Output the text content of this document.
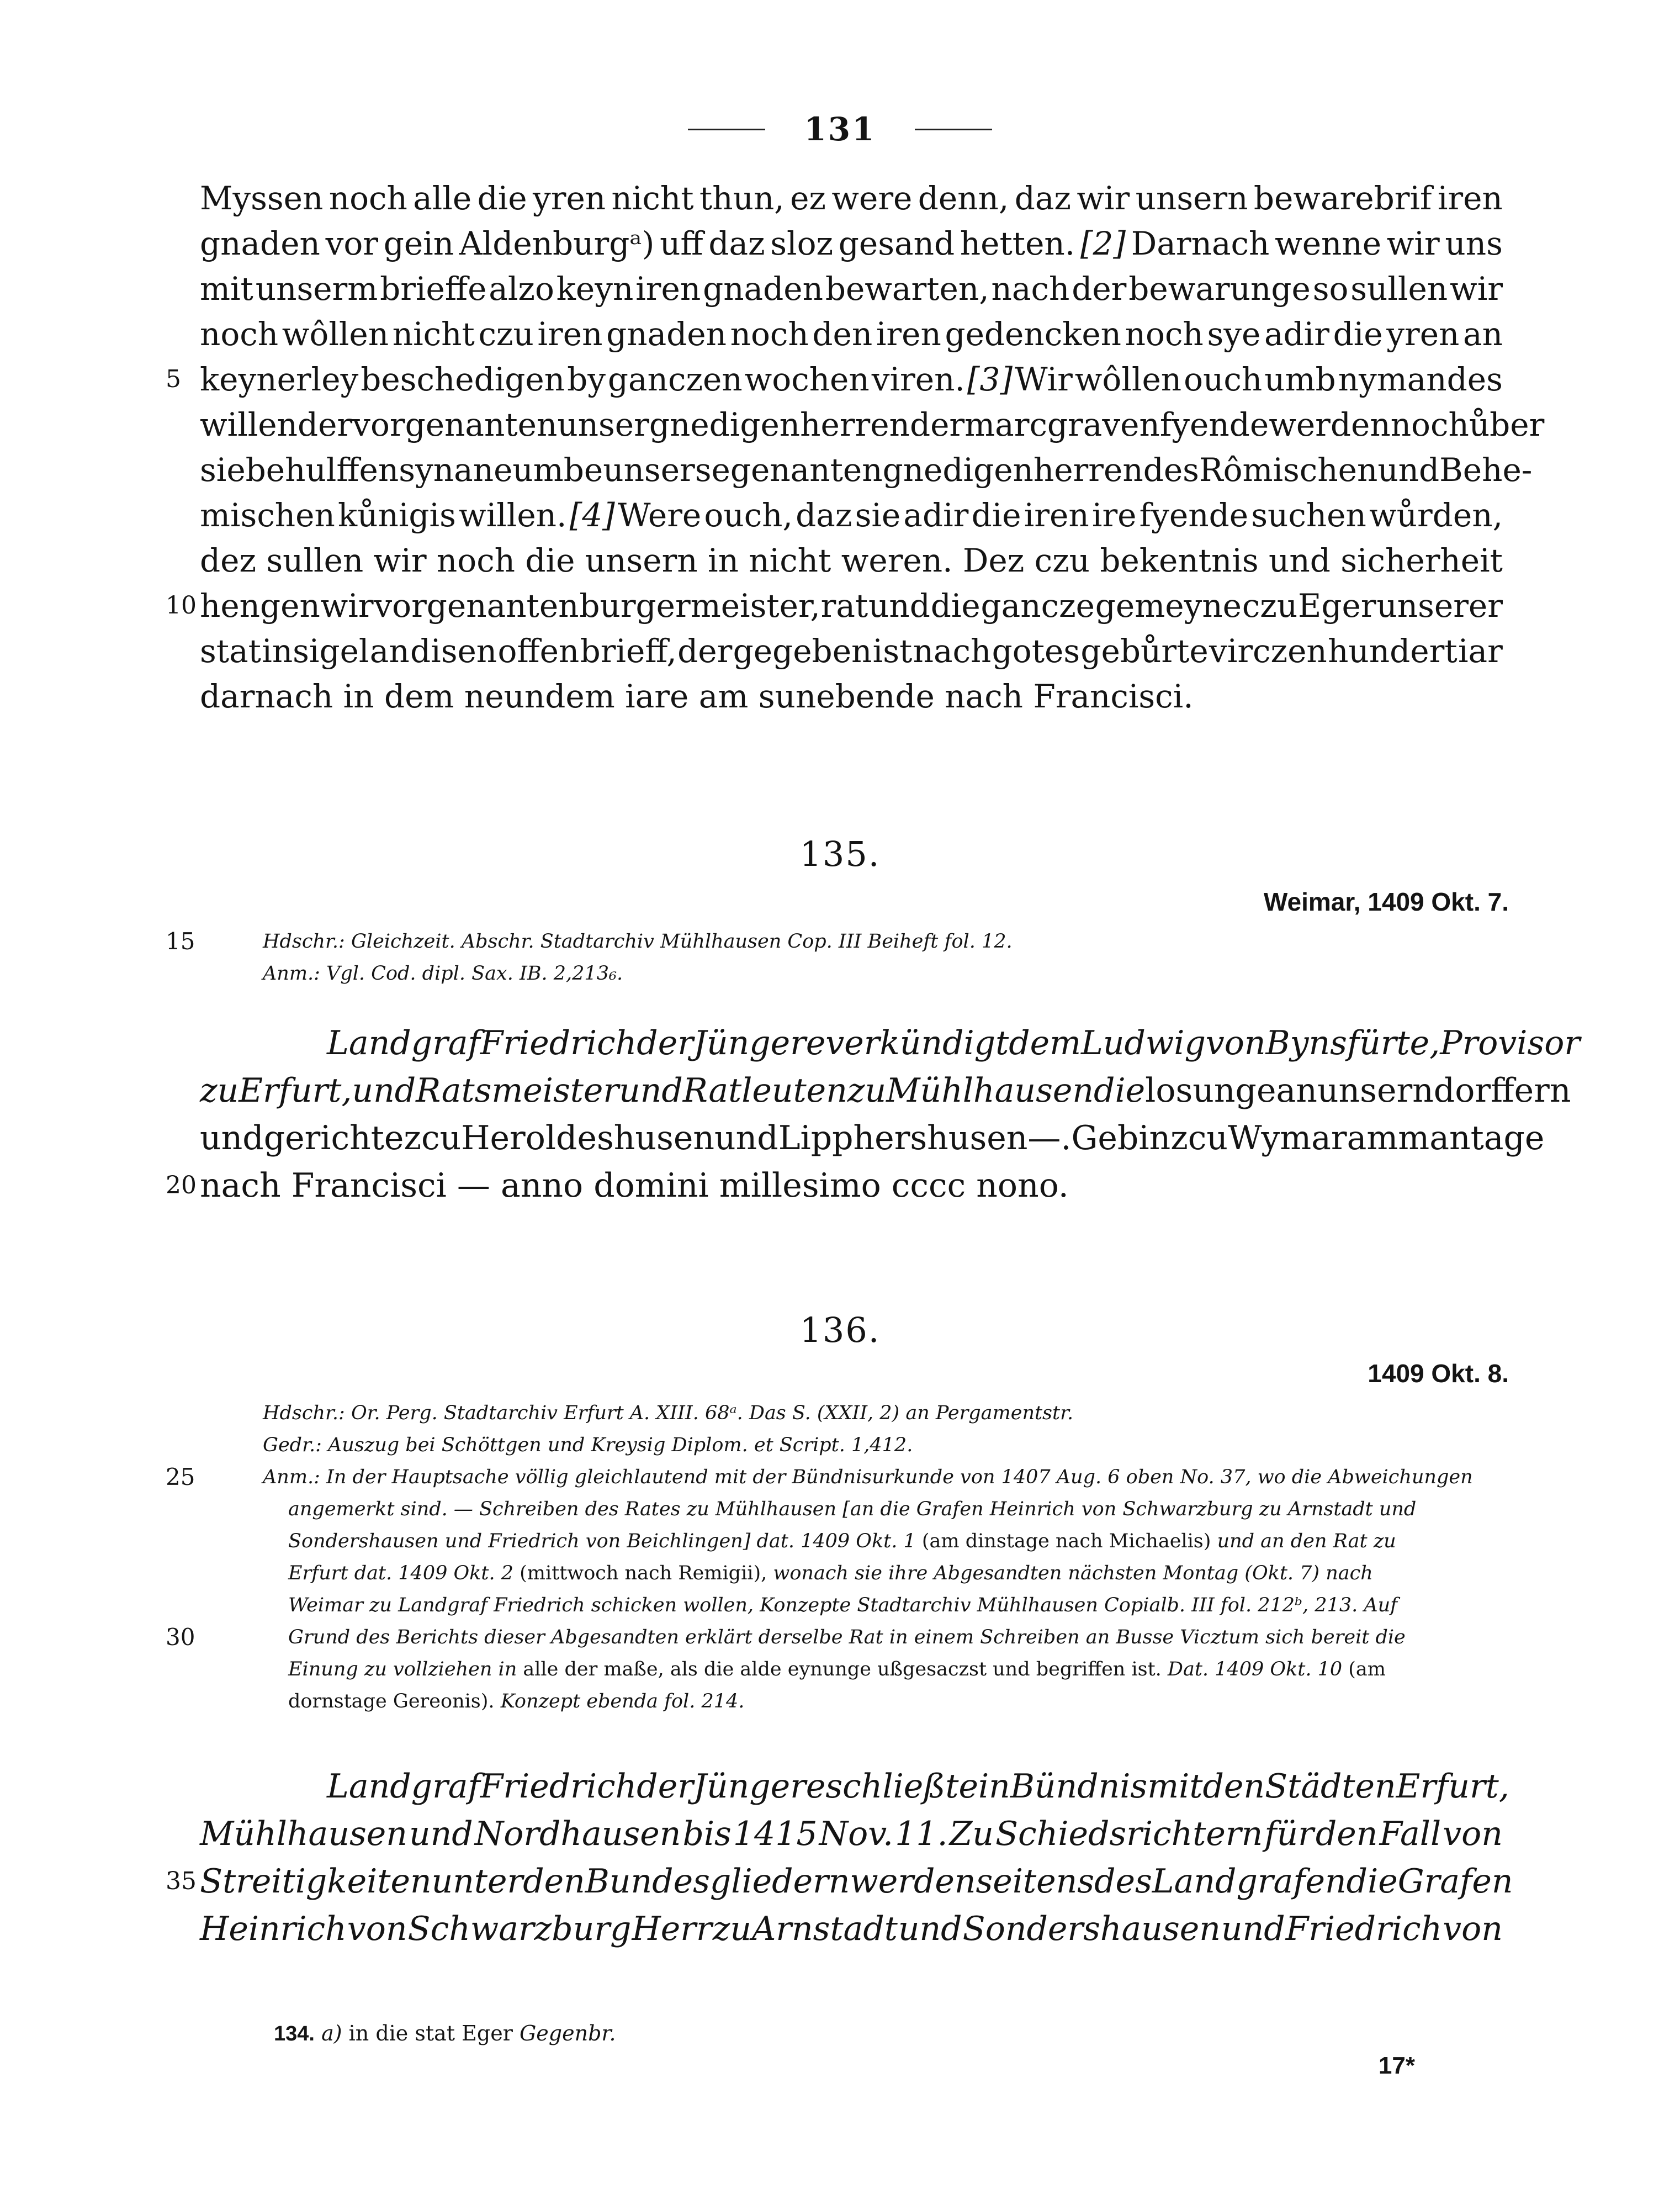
131
Myssen noch alle die yren nicht thun, ez were denn, daz wir unsern bewarebrif iren
gnaden vor gein Aldenburgᵃ) uff daz sloz gesand hetten. [2] Darnach wenne wir uns
mit unserm brieffe alzo keyn iren gnaden bewarten, nach der bewarunge so sullen wir
noch wôllen nicht czu iren gnaden noch den iren gedencken noch sye adir die yren an
5 keynerley beschedigen by ganczen wochen viren. [3] Wir wôllen ouch umb nymandes
willen der vorgenanten unser gnedigen herren der marcgraven fyende werden noch ůber
sie behulffen syn ane umbe unsers egenanten gnedigen herren des Rômischen und Behe-
mischen kůnigis willen. [4] Were ouch, daz sie adir die iren ire fyende suchen wůrden,
dez sullen wir noch die unsern in nicht weren. Dez czu bekentnis und sicherheit
10 hengen wir vorgenanten burgermeister, rat und die gancze gemeyne czu Eger unserer
stat insigel an disen offen brieff, der gegeben ist nach gotes gebůrte virczen hundert iar
darnach in dem neundem iare am sunebende nach Francisci.
135.
Weimar, 1409 Okt. 7.
15	Hdschr.: Gleichzeit. Abschr. Stadtarchiv Mühlhausen Cop. III Beiheft fol. 12.
Anm.: Vgl. Cod. dipl. Sax. IB. 2,213₆.
Landgraf Friedrich der Jüngere verkündigt dem Ludwig von Bynsfürte, Provisor
zu Erfurt, und Ratsmeister und Ratleuten zu Mühlhausen die losunge an unsern dorffern
und gerichte zcu Heroldeshusen und Lipphershusen —. Gebin zcu Wymar am mantage
20 nach Francisci — anno domini millesimo cccc nono.
136.
1409 Okt. 8.
Hdschr.: Or. Perg. Stadtarchiv Erfurt A. XIII. 68ᵃ. Das S. (XXII, 2) an Pergamentstr.
Gedr.: Auszug bei Schöttgen und Kreysig Diplom. et Script. 1,412.
25	Anm.: In der Hauptsache völlig gleichlautend mit der Bündnisurkunde von 1407 Aug. 6 oben No. 37, wo die Abweichungen
angemerkt sind. — Schreiben des Rates zu Mühlhausen [an die Grafen Heinrich von Schwarzburg zu Arnstadt und
Sondershausen und Friedrich von Beichlingen] dat. 1409 Okt. 1 (am dinstage nach Michaelis) und an den Rat zu
Erfurt dat. 1409 Okt. 2 (mittwoch nach Remigii), wonach sie ihre Abgesandten nächsten Montag (Okt. 7) nach
Weimar zu Landgraf Friedrich schicken wollen, Konzepte Stadtarchiv Mühlhausen Copialb. III fol. 212ᵇ, 213. Auf
30	Grund des Berichts dieser Abgesandten erklärt derselbe Rat in einem Schreiben an Busse Vicztum sich bereit die
Einung zu vollziehen in alle der maße, als die alde eynunge ußgesaczst und begriffen ist. Dat. 1409 Okt. 10 (am
dornstage Gereonis). Konzept ebenda fol. 214.
Landgraf Friedrich der Jüngere schließt ein Bündnis mit den Städten Erfurt,
Mühlhausen und Nordhausen bis 1415 Nov. 11. Zu Schiedsrichtern für den Fall von
35 Streitigkeiten unter den Bundesgliedern werden seitens des Landgrafen die Grafen
Heinrich von Schwarzburg Herr zu Arnstadt und Sondershausen und Friedrich von
134. a) in die stat Eger Gegenbr.
17*
